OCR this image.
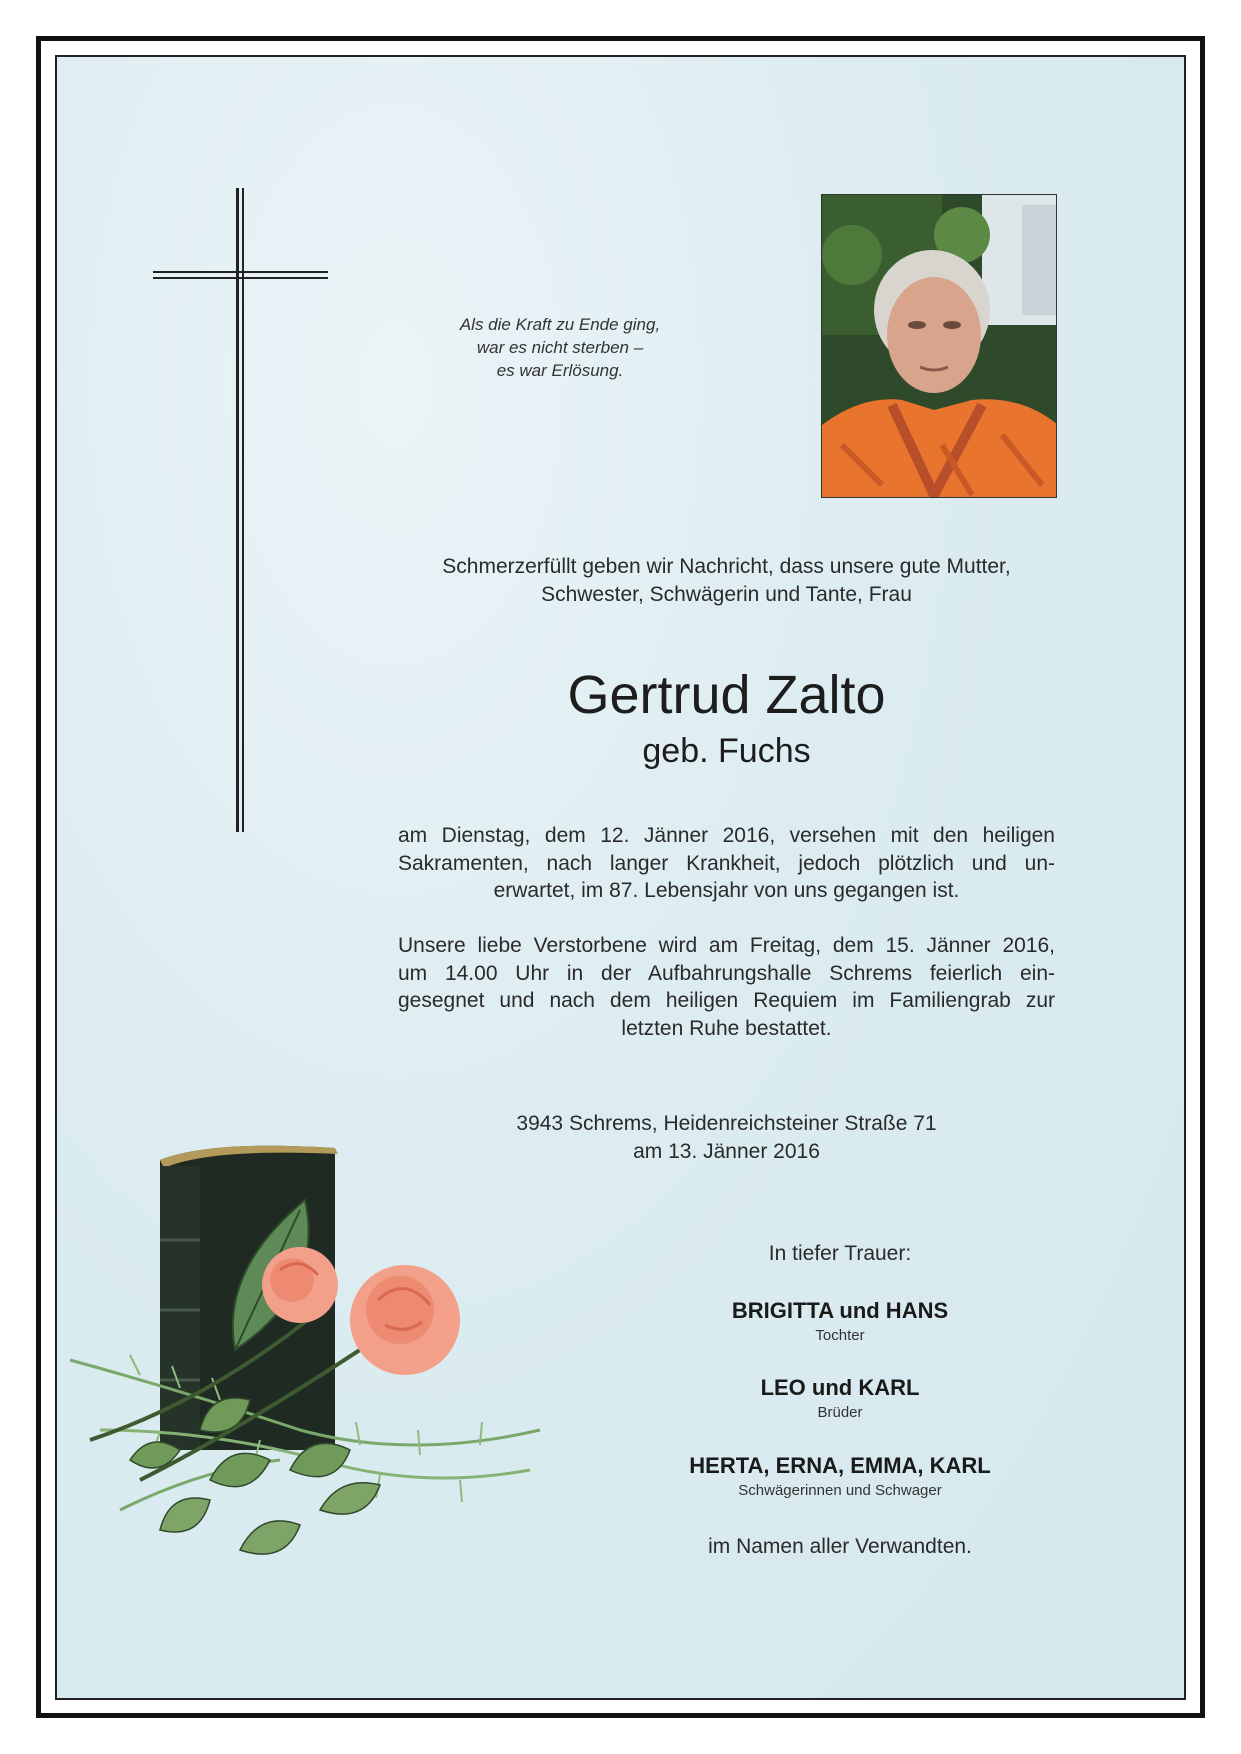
Als die Kraft zu Ende ging,
war es nicht sterben –
es war Erlösung.
Schmerzerfüllt geben wir Nachricht, dass unsere gute Mutter,
Schwester, Schwägerin und Tante, Frau
Gertrud Zalto
geb. Fuchs
am Dienstag, dem 12. Jänner 2016, versehen mit den heiligen
Sakramenten, nach langer Krankheit, jedoch plötzlich und un-
erwartet, im 87. Lebensjahr von uns gegangen ist.
Unsere liebe Verstorbene wird am Freitag, dem 15. Jänner 2016,
um 14.00 Uhr in der Aufbahrungshalle Schrems feierlich ein-
gesegnet und nach dem heiligen Requiem im Familiengrab zur
letzten Ruhe bestattet.
3943 Schrems, Heidenreichsteiner Straße 71
am 13. Jänner 2016
In tiefer Trauer:
BRIGITTA und HANS
Tochter
LEO und KARL
Brüder
HERTA, ERNA, EMMA, KARL
Schwägerinnen und Schwager
im Namen aller Verwandten.
